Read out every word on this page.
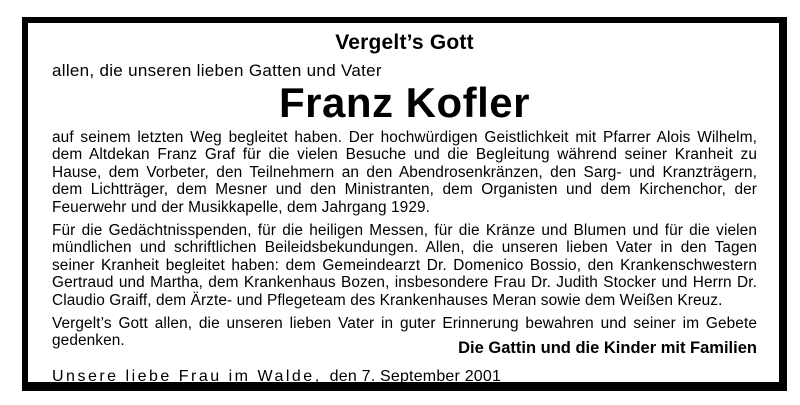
Vergelt’s Gott
allen, die unseren lieben Gatten und Vater
Franz Kofler

auf seinem letzten Weg begleitet haben. Der hochwürdigen Geistlichkeit mit Pfarrer Alois Wilhelm, dem Altdekan Franz Graf für die vielen Besuche und die Begleitung während seiner Kranheit zu Hause, dem Vorbeter, den Teilnehmern an den Abendrosenkränzen, den Sarg- und Kranzträgern, dem Lichtträger, dem Mesner und den Ministranten, dem Organisten und dem Kirchenchor, der Feuerwehr und der Musikkapelle, dem Jahrgang 1929.

Für die Gedächtnisspenden, für die heiligen Messen, für die Kränze und Blumen und für die vielen mündlichen und schriftlichen Beileidsbekundungen. Allen, die unseren lieben Vater in den Tagen seiner Kranheit begleitet haben: dem Gemeindearzt Dr. Domenico Bossio, den Krankenschwestern Gertraud und Martha, dem Krankenhaus Bozen, insbesondere Frau Dr. Judith Stocker und Herrn Dr. Claudio Graiff, dem Ärzte- und Pflegeteam des Krankenhauses Meran sowie dem Weißen Kreuz.

Vergelt’s Gott allen, die unseren lieben Vater in guter Erinnerung bewahren und seiner im Gebete gedenken.	Die Gattin und die Kinder mit Familien
Unsere liebe Frau im Walde, den 7. September 2001
